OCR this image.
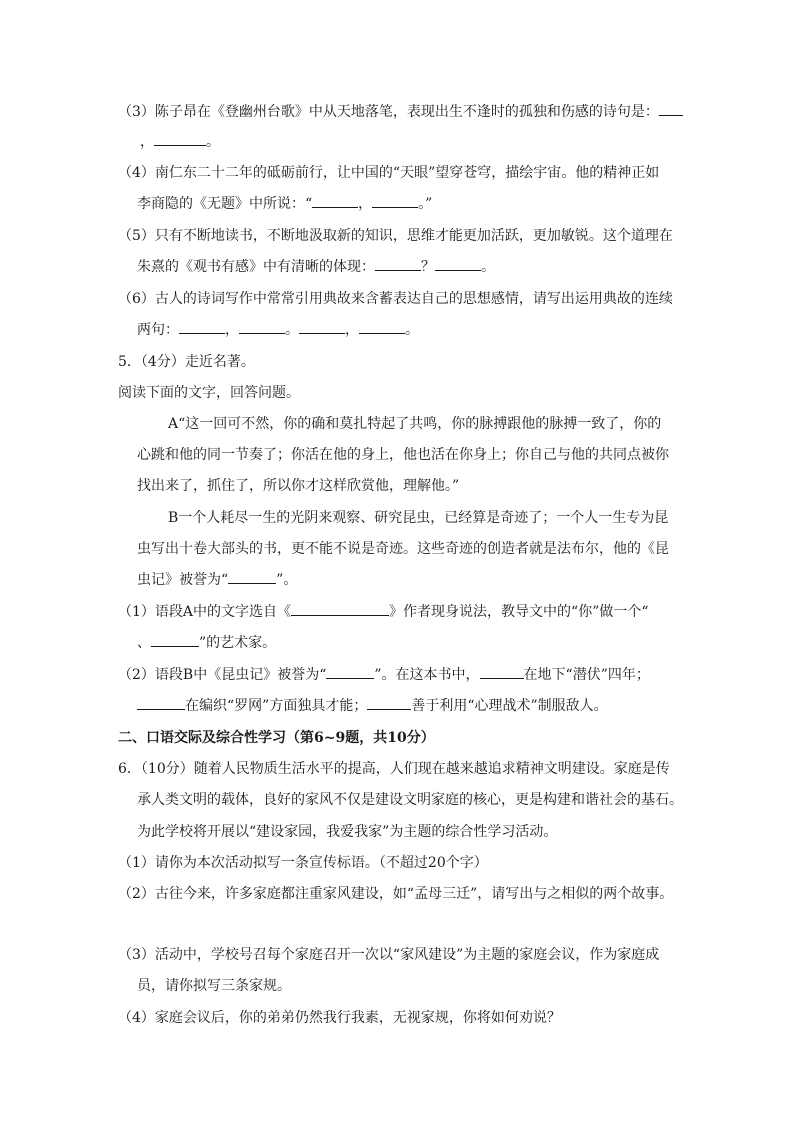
（3）陈子昂在《登幽州台歌》中从天地落笔，表现出生不逢时的孤独和伤感的诗句是：
，	。
（4）南仁东二十二年的砥砺前行，让中国的“天眼”望穿苍穹，描绘宇宙。他的精神正如
李商隐的《无题》中所说：“	，	。”
（5）只有不断地读书，不断地汲取新的知识，思维才能更加活跃，更加敏锐。这个道理在
朱熹的《观书有感》中有清晰的体现：	？	。
（6）古人的诗词写作中常常引用典故来含蓄表达自己的思想感情，请写出运用典故的连续
两句：	，	。	，	。
5．（4分）走近名著。
阅读下面的文字，回答问题。
A“这一回可不然，你的确和莫扎特起了共鸣，你的脉搏跟他的脉搏一致了，你的
心跳和他的同一节奏了；你活在他的身上，他也活在你身上；你自己与他的共同点被你
找出来了，抓住了，所以你才这样欣赏他，理解他。”
B一个人耗尽一生的光阴来观察、研究昆虫，已经算是奇迹了；一个人一生专为昆
虫写出十卷大部头的书，更不能不说是奇迹。这些奇迹的创造者就是法布尔，他的《昆
虫记》被誉为“	”。
（1）语段A中的文字选自《	》作者现身说法，教导文中的“你”做一个“
、	”的艺术家。
（2）语段B中《昆虫记》被誉为“	”。在这本书中，	在地下“潜伏”四年；
在编织“罗网”方面独具才能；	善于利用“心理战术”制服敌人。
二、口语交际及综合性学习（第6~9题，共10分）
6．（10分）随着人民物质生活水平的提高，人们现在越来越追求精神文明建设。家庭是传
承人类文明的载体，良好的家风不仅是建设文明家庭的核心，更是构建和谐社会的基石。
为此学校将开展以“建设家园，我爱我家”为主题的综合性学习活动。
（1）请你为本次活动拟写一条宣传标语。（不超过20个字）
（2）古往今来，许多家庭都注重家风建设，如“孟母三迁”，请写出与之相似的两个故事。
（3）活动中，学校号召每个家庭召开一次以“家风建设”为主题的家庭会议，作为家庭成
员，请你拟写三条家规。
（4）家庭会议后，你的弟弟仍然我行我素，无视家规，你将如何劝说？
